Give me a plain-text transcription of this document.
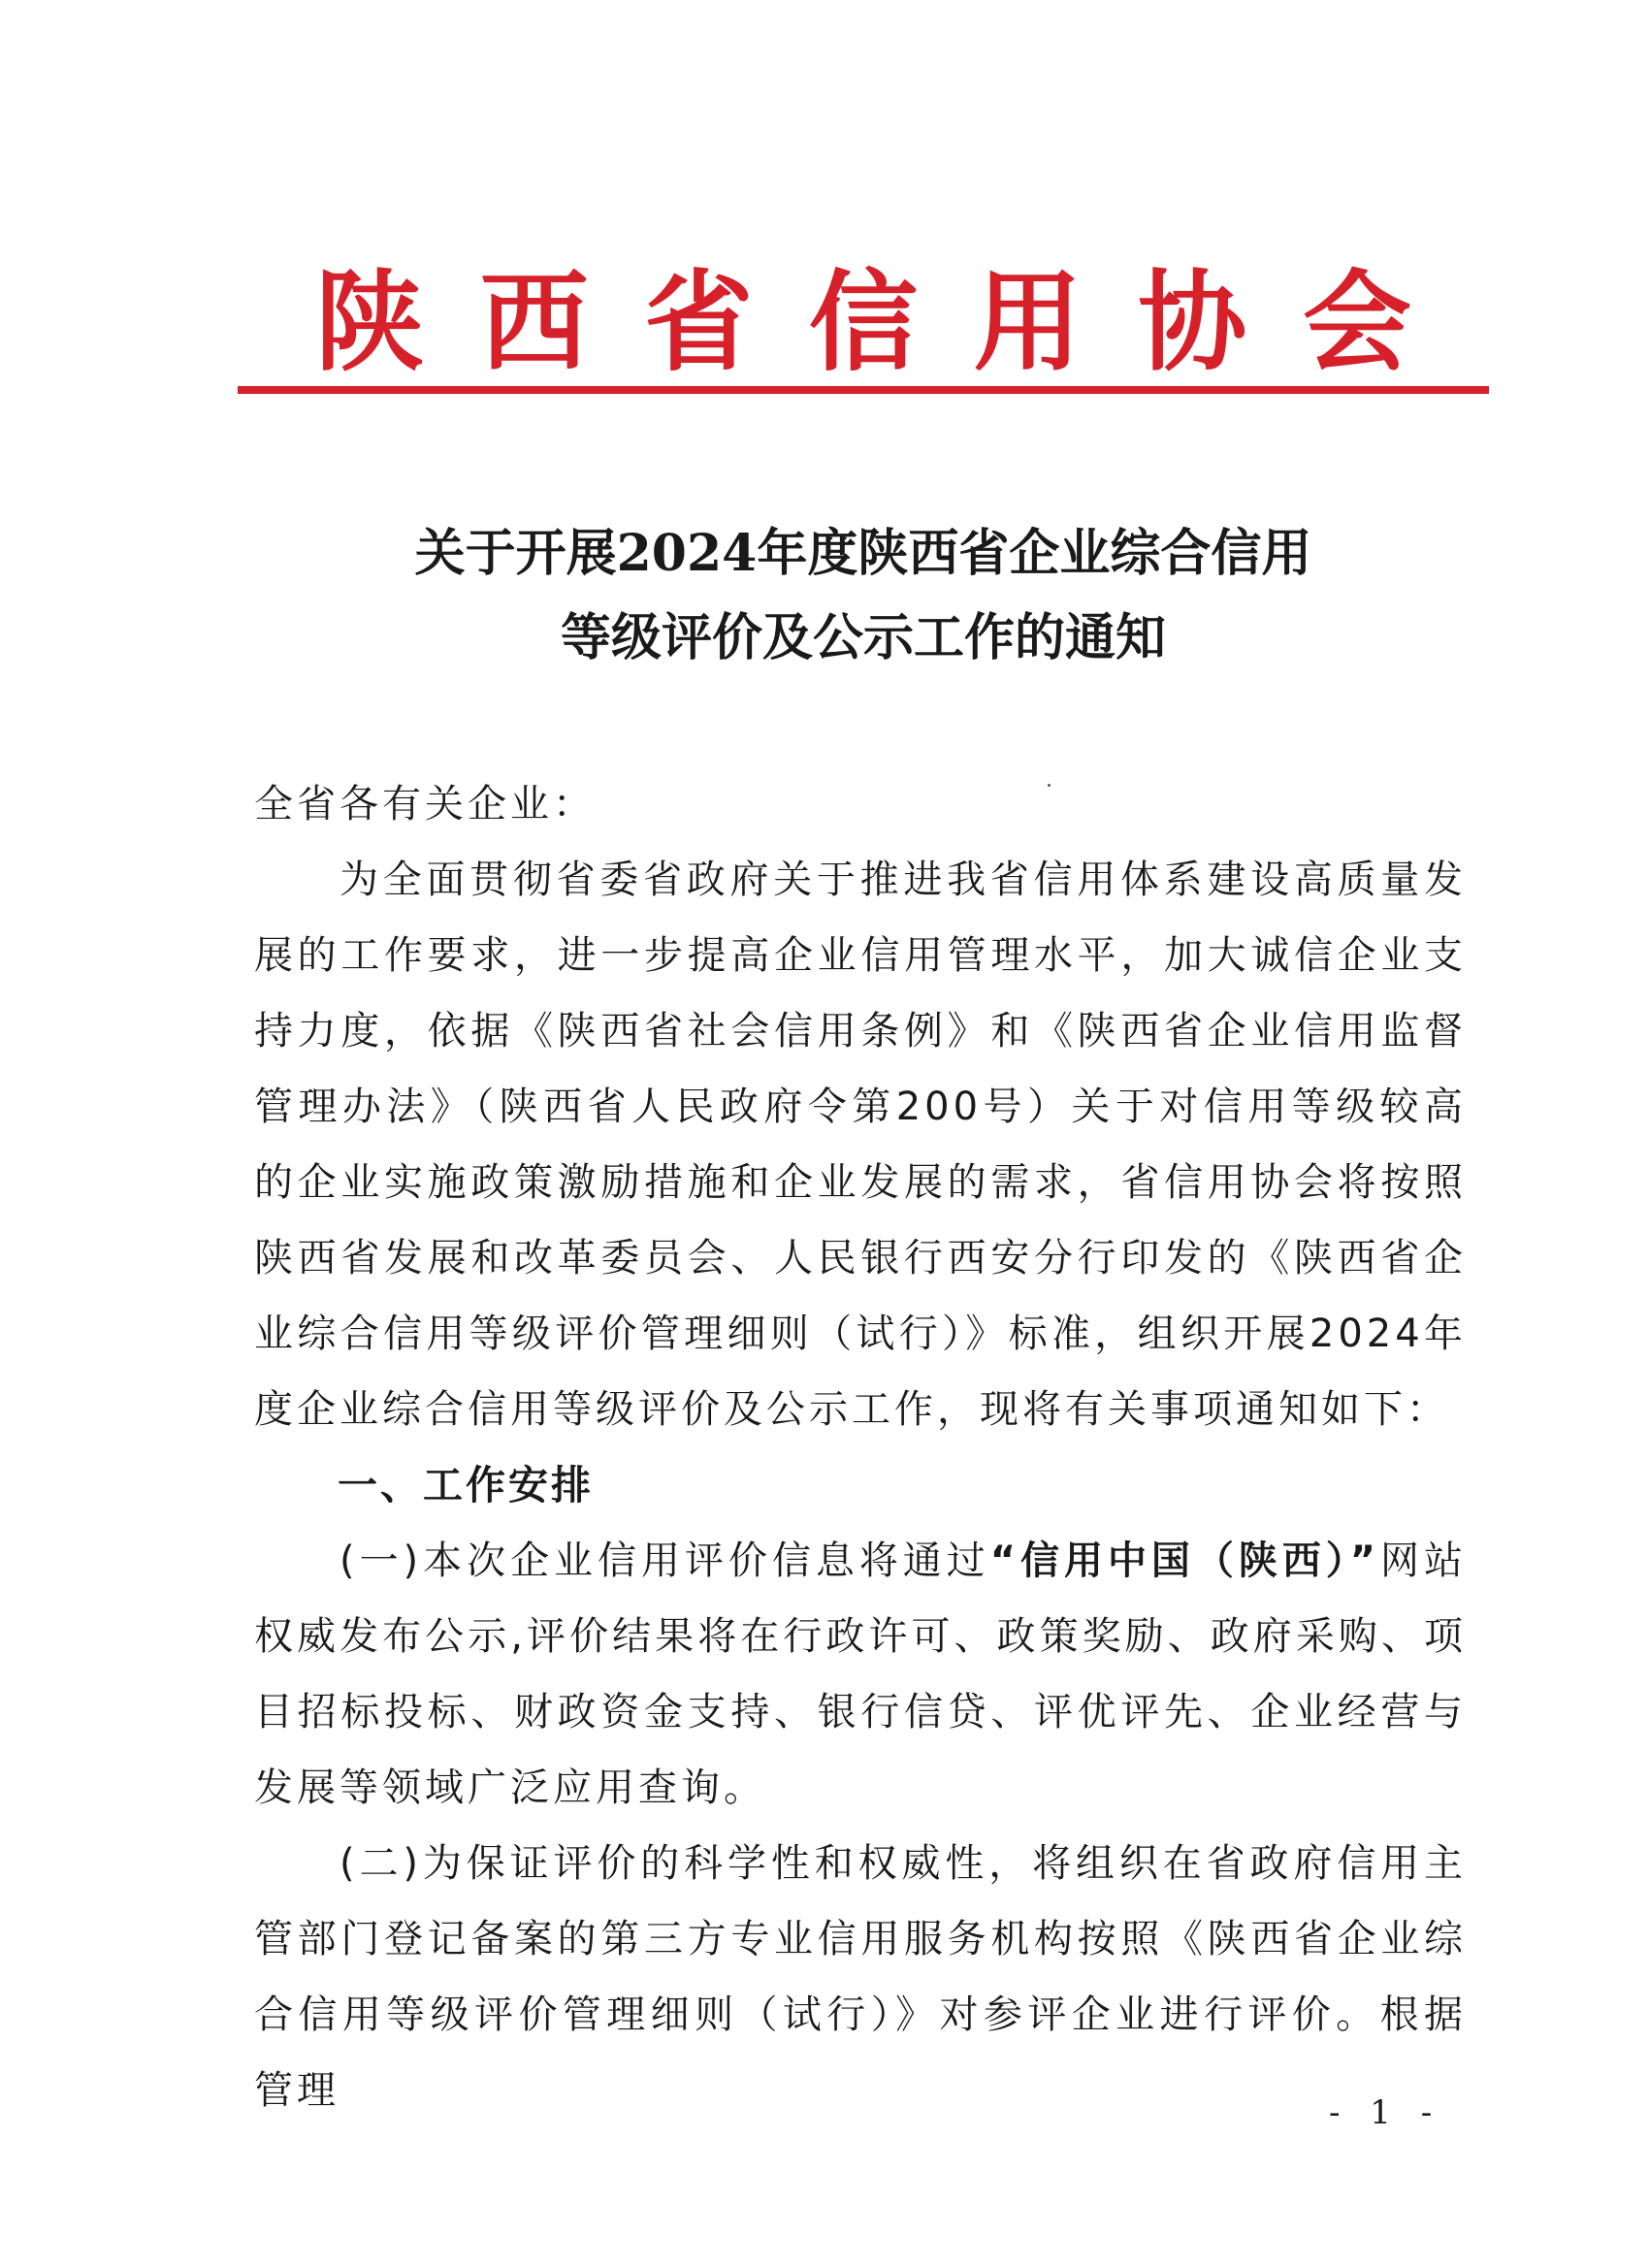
陕 西 省 信 用 协 会
关于开展2024年度陕西省企业综合信用
等级评价及公示工作的通知
全省各有关企业：
为全面贯彻省委省政府关于推进我省信用体系建设高质量发展的工作要求，进一步提高企业信用管理水平，加大诚信企业支持力度，依据《陕西省社会信用条例》和《陕西省企业信用监督管理办法》（陕西省人民政府令第200号）关于对信用等级较高的企业实施政策激励措施和企业发展的需求，省信用协会将按照陕西省发展和改革委员会、人民银行西安分行印发的《陕西省企业综合信用等级评价管理细则（试行）》标准，组织开展2024年度企业综合信用等级评价及公示工作，现将有关事项通知如下：
一、工作安排
(一)本次企业信用评价信息将通过“信用中国（陕西）”网站权威发布公示,评价结果将在行政许可、政策奖励、政府采购、项目招标投标、财政资金支持、银行信贷、评优评先、企业经营与发展等领域广泛应用查询。
(二)为保证评价的科学性和权威性，将组织在省政府信用主管部门登记备案的第三方专业信用服务机构按照《陕西省企业综合信用等级评价管理细则（试行）》对参评企业进行评价。根据管理	- 1 -
